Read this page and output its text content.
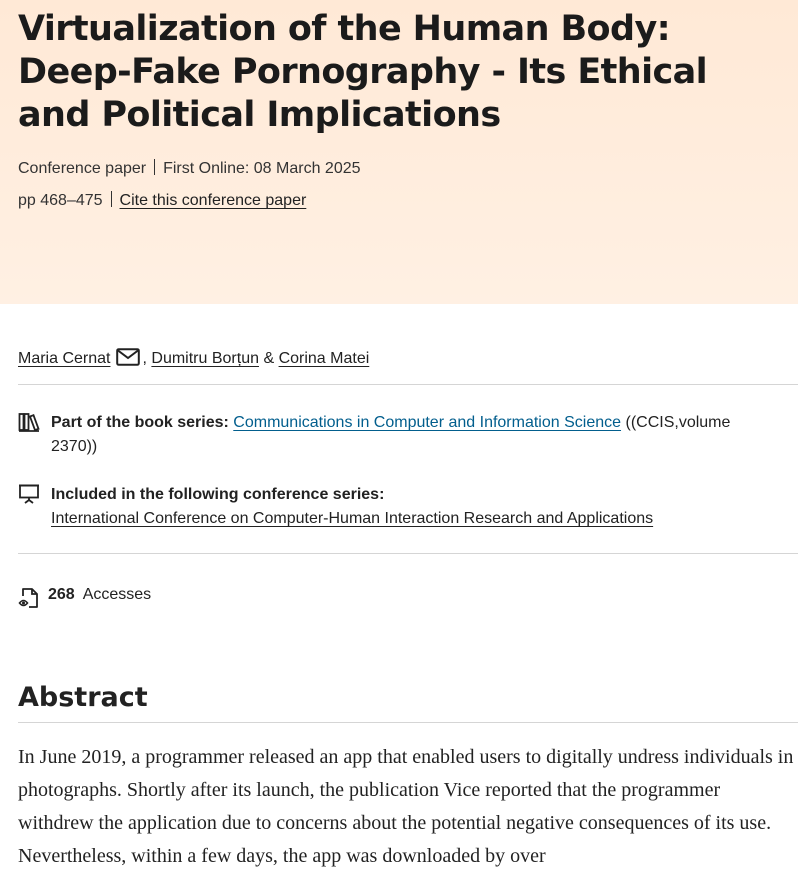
Virtualization of the Human Body: Deep-Fake Pornography - Its Ethical and Political Implications
Conference paper First Online: 08 March 2025
pp 468–475 Cite this conference paper
Maria Cernat ,
Dumitru Borțun
&
Corina Matei
Part of the book series: Communications in Computer and Information Science ((CCIS,volume 2370))
Included in the following conference series:
International Conference on Computer-Human Interaction Research and Applications
268 Accesses
Abstract

In June 2019, a programmer released an app that enabled users to digitally undress individuals in photographs. Shortly after its launch, the publication Vice reported that the programmer withdrew the application due to concerns about the potential negative consequences of its use. Nevertheless, within a few days, the app was downloaded by over
